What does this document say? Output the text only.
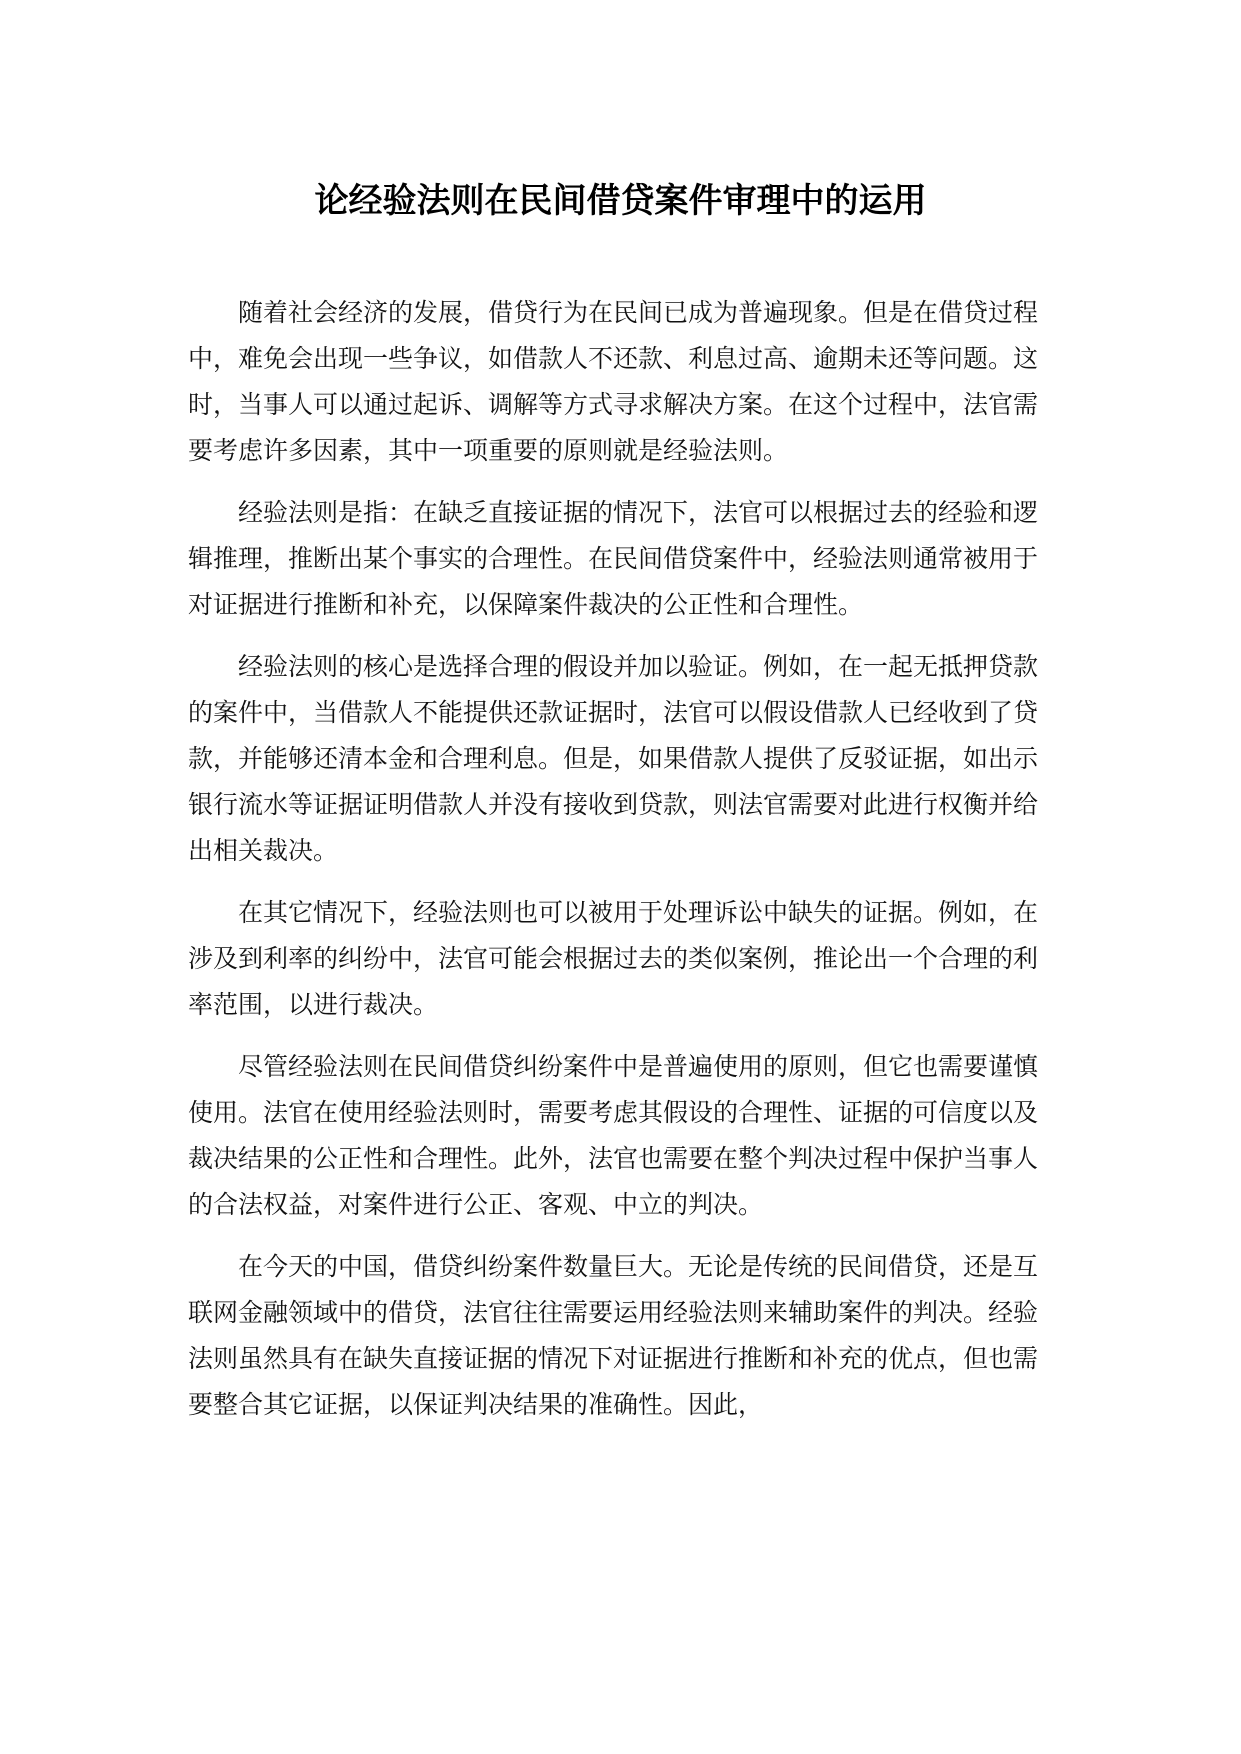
论经验法则在民间借贷案件审理中的运用

随着社会经济的发展，借贷行为在民间已成为普遍现象。但是在借贷过程中，难免会出现一些争议，如借款人不还款、利息过高、逾期未还等问题。这时，当事人可以通过起诉、调解等方式寻求解决方案。在这个过程中，法官需要考虑许多因素，其中一项重要的原则就是经验法则。

经验法则是指：在缺乏直接证据的情况下，法官可以根据过去的经验和逻辑推理，推断出某个事实的合理性。在民间借贷案件中，经验法则通常被用于对证据进行推断和补充，以保障案件裁决的公正性和合理性。

经验法则的核心是选择合理的假设并加以验证。例如，在一起无抵押贷款的案件中，当借款人不能提供还款证据时，法官可以假设借款人已经收到了贷款，并能够还清本金和合理利息。但是，如果借款人提供了反驳证据，如出示银行流水等证据证明借款人并没有接收到贷款，则法官需要对此进行权衡并给出相关裁决。

在其它情况下，经验法则也可以被用于处理诉讼中缺失的证据。例如，在涉及到利率的纠纷中，法官可能会根据过去的类似案例，推论出一个合理的利率范围，以进行裁决。

尽管经验法则在民间借贷纠纷案件中是普遍使用的原则，但它也需要谨慎使用。法官在使用经验法则时，需要考虑其假设的合理性、证据的可信度以及裁决结果的公正性和合理性。此外，法官也需要在整个判决过程中保护当事人的合法权益，对案件进行公正、客观、中立的判决。

在今天的中国，借贷纠纷案件数量巨大。无论是传统的民间借贷，还是互联网金融领域中的借贷，法官往往需要运用经验法则来辅助案件的判决。经验法则虽然具有在缺失直接证据的情况下对证据进行推断和补充的优点，但也需要整合其它证据，以保证判决结果的准确性。因此，
